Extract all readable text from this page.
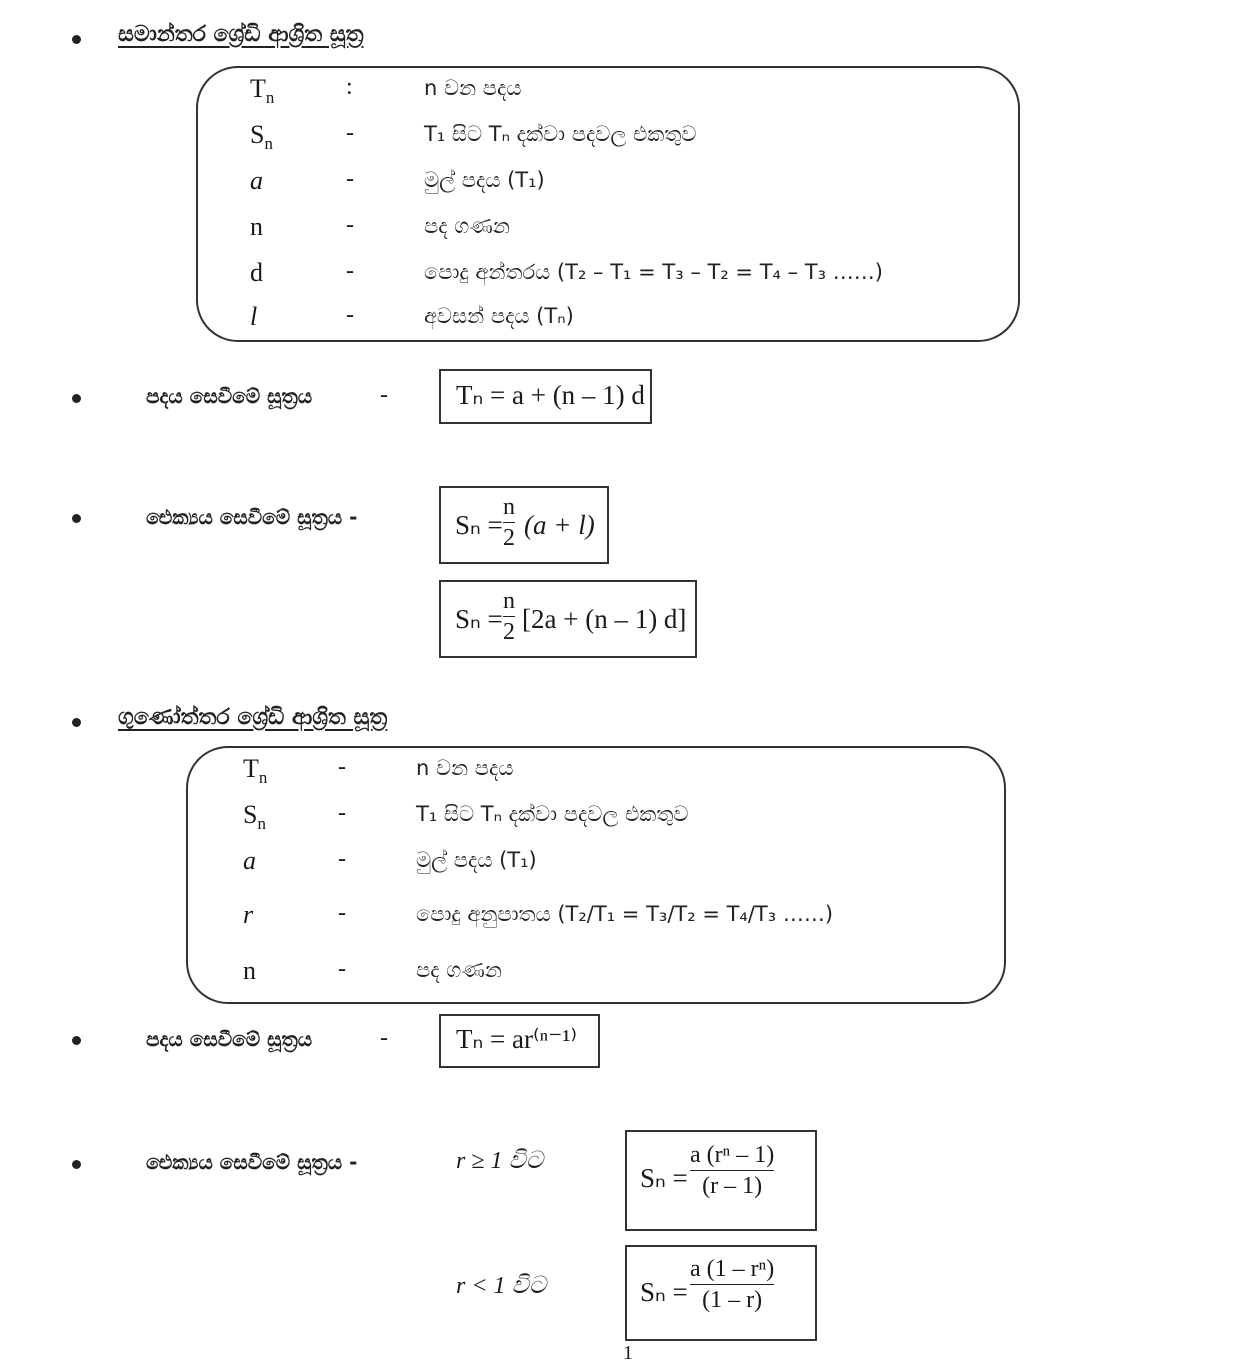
සමාන්තර ශ්‍රේඩි ආශ්‍රිත සූත්‍ර
$T_n$	:	n වන පදය
$S_n$	-	T₁ සිට Tₙ දක්වා පදවල එකතුව
a	-	මුල් පදය (T₁)
n	-	පද ගණන
d	-	පොදු අන්තරය (T₂ – T₁ = T₃ – T₂ = T₄ – T₃ ……)
l	-	අවසන් පදය (Tₙ)
පදය සෙවීමේ සූත්‍රය	-	Tₙ = a + (n – 1) d
ඓක්‍යය සෙවීමේ සූත්‍රය -	Sₙ =
n
2 (a + l)
Sₙ =
n
2 [2a + (n – 1) d]
ගුණෝත්තර ශ්‍රේඩි ආශ්‍රිත සූත්‍ර
$T_n$	-	n වන පදය
$S_n$	-	T₁ සිට Tₙ දක්වා පදවල එකතුව
a	-	මුල් පදය (T₁)
r	-	පොදු අනුපාතය (T₂/T₁ = T₃/T₂ = T₄/T₃ ……)
n	-	පද ගණන
පදය සෙවීමේ සූත්‍රය	-	Tₙ = ar⁽ⁿ⁻¹⁾
ඓක්‍යය සෙවීමේ සූත්‍රය -	r ≥ 1 විට
Sₙ =
a (rⁿ – 1)
(r – 1)
r < 1 විට	Sₙ =
a (1 – rⁿ)
(1 – r)
1
